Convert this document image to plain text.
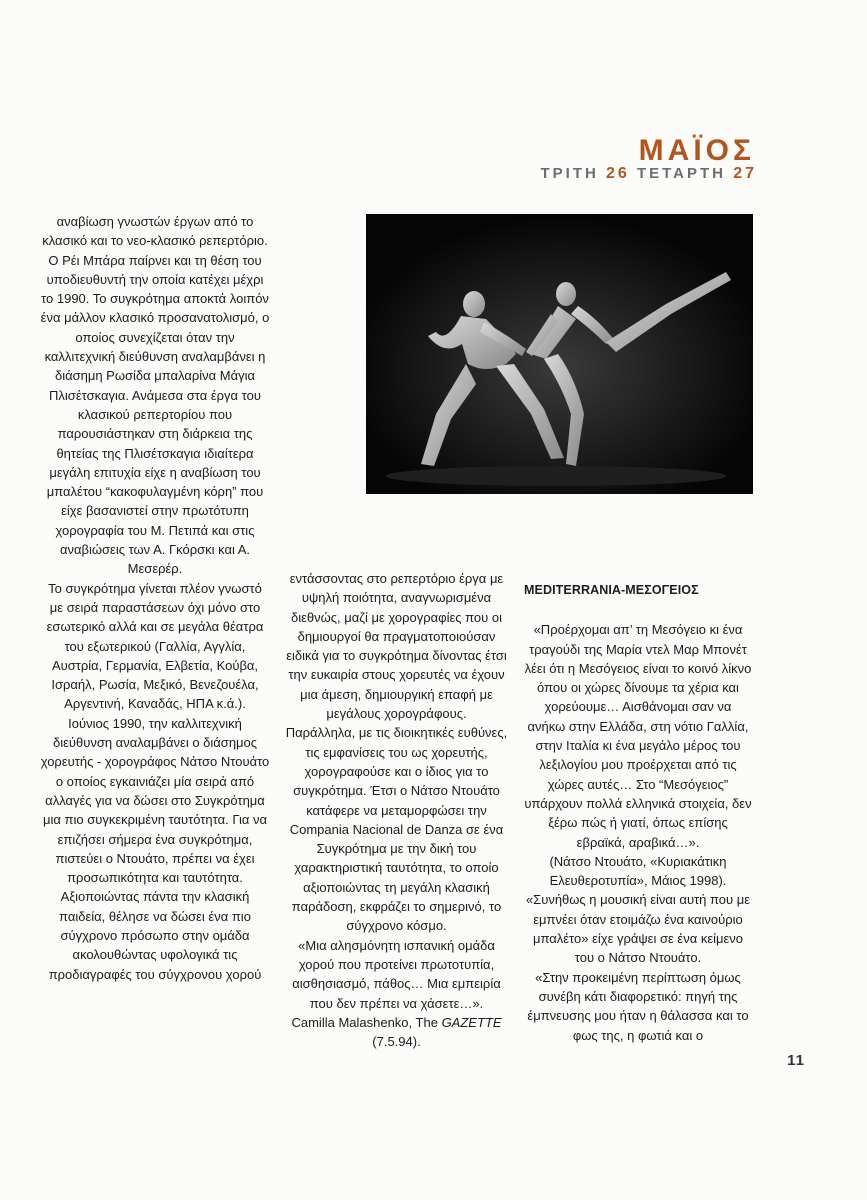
ΜΑΪΟΣ
ΤΡΙΤΗ 26 ΤΕΤΑΡΤΗ 27

αναβίωση γνωστών έργων από το κλασικό και το νεο-κλασικό ρεπερτόριο. Ο Ρέι Μπάρα παίρνει και τη θέση του υποδιευθυντή την οποία κατέχει μέχρι το 1990. Το συγκρότημα αποκτά λοιπόν ένα μάλλον κλασικό προσανατολισμό, ο οποίος συνεχίζεται όταν την καλλιτεχνική διεύθυνση αναλαμβάνει η διάσημη Ρωσίδα μπαλαρίνα Μάγια Πλισέτσκαγια. Ανάμεσα στα έργα του κλασικού ρεπερτορίου που παρουσιάστηκαν στη διάρκεια της θητείας της Πλισέτσκαγια ιδιαίτερα μεγάλη επιτυχία είχε η αναβίωση του μπαλέτου “κακοφυλαγμένη κόρη” που είχε βασανιστεί στην πρωτότυπη χορογραφία του Μ. Πετιπά και στις αναβιώσεις των Α. Γκόρσκι και Α. Μεσερέρ.

Το συγκρότημα γίνεται πλέον γνωστό με σειρά παραστάσεων όχι μόνο στο εσωτερικό αλλά και σε μεγάλα θέατρα του εξωτερικού (Γαλλία, Αγγλία, Αυστρία, Γερμανία, Ελβετία, Κούβα, Ισραήλ, Ρωσία, Μεξικό, Βενεζουέλα, Αργεντινή, Καναδάς, ΗΠΑ κ.ά.).

Ιούνιος 1990, την καλλιτεχνική διεύθυνση αναλαμβάνει ο διάσημος χορευτής - χορογράφος Νάτσο Ντουάτο ο οποίος εγκαινιάζει μία σειρά από αλλαγές για να δώσει στο Συγκρότημα μια πιο συγκεκριμένη ταυτότητα. Για να επιζήσει σήμερα ένα συγκρότημα, πιστεύει ο Ντουάτο, πρέπει να έχει προσωπικότητα και ταυτότητα. Αξιοποιώντας πάντα την κλασική παιδεία, θέλησε να δώσει ένα πιο σύγχρονο πρόσωπο στην ομάδα ακολουθώντας υφολογικά τις προδιαγραφές του σύγχρονου χορού

εντάσσοντας στο ρεπερτόριο έργα με υψηλή ποιότητα, αναγνωρισμένα διεθνώς, μαζί με χορογραφίες που οι δημιουργοί θα πραγματοποιούσαν ειδικά για το συγκρότημα δίνοντας έτσι την ευκαιρία στους χορευτές να έχουν μια άμεση, δημιουργική επαφή με μεγάλους χορογράφους.

Παράλληλα, με τις διοικητικές ευθύνες, τις εμφανίσεις του ως χορευτής, χορογραφούσε και ο ίδιος για το συγκρότημα. Έτσι ο Νάτσο Ντουάτο κατάφερε να μεταμορφώσει την Compania Nacional de Danza σε ένα Συγκρότημα με την δική του χαρακτηριστική ταυτότητα, το οποίο αξιοποιώντας τη μεγάλη κλασική παράδοση, εκφράζει το σημερινό, το σύγχρονο κόσμο.

«Μια αλησμόνητη ισπανική ομάδα χορού που προτείνει πρωτοτυπία, αισθησιασμό, πάθος… Μια εμπειρία που δεν πρέπει να χάσετε…».

Camilla Malashenko, The GAZETTE (7.5.94).

MEDITERRANIA-ΜΕΣΟΓΕΙΟΣ

«Προέρχομαι απ’ τη Μεσόγειο κι ένα τραγούδι της Μαρία ντελ Μαρ Μπονέτ λέει ότι η Μεσόγειος είναι το κοινό λίκνο όπου οι χώρες δίνουμε τα χέρια και χορεύουμε… Αισθάνομαι σαν να ανήκω στην Ελλάδα, στη νότιο Γαλλία, στην Ιταλία κι ένα μεγάλο μέρος του λεξιλογίου μου προέρχεται από τις χώρες αυτές… Στο “Μεσόγειος” υπάρχουν πολλά ελληνικά στοιχεία, δεν ξέρω πώς ή γιατί, όπως επίσης εβραϊκά, αραβικά…».

(Νάτσο Ντουάτο, «Κυριακάτικη Ελευθεροτυπία», Μάιος 1998).

«Συνήθως η μουσική είναι αυτή που με εμπνέει όταν ετοιμάζω ένα καινούριο μπαλέτο» είχε γράψει σε ένα κείμενο του ο Νάτσο Ντουάτο.

«Στην προκειμένη περίπτωση όμως συνέβη κάτι διαφορετικό: πηγή της έμπνευσης μου ήταν η θάλασσα και το φως της, η φωτιά και ο

11
